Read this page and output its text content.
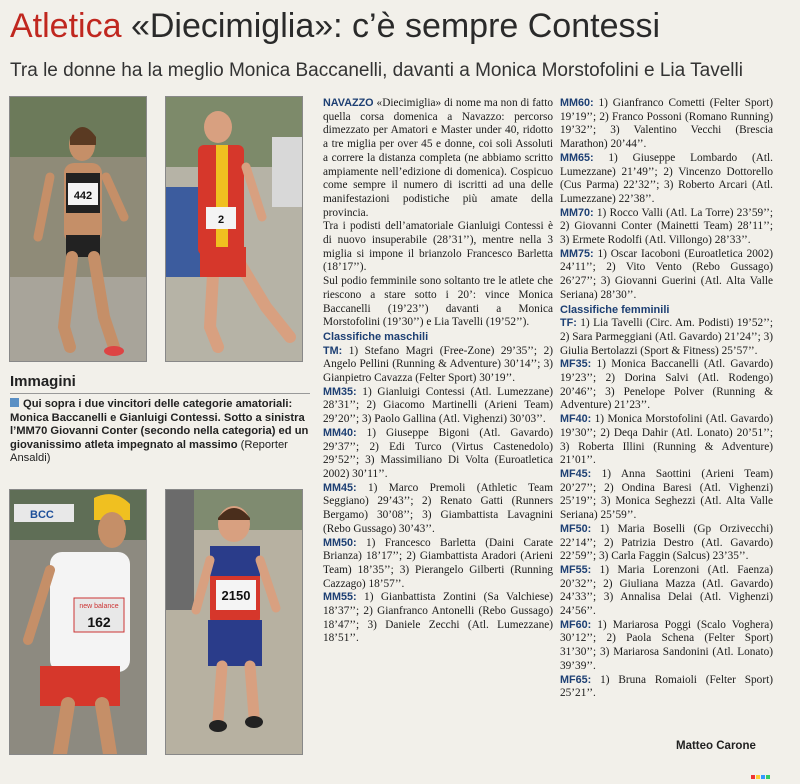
Atletica «Diecimiglia»: c’è sempre Contessi
Tra le donne ha la meglio Monica Baccanelli, davanti a Monica Morstofolini e Lia Tavelli
442
2
Immagini
Qui sopra i due vincitori delle categorie amatoriali: Monica Baccanelli e Gianluigi Contessi. Sotto a sinistra l’MM70 Giovanni Conter (secondo nella categoria) ed un giovanissimo atleta impegnato al massimo (Reporter Ansaldi)
BCC
new balance
162
2150

NAVAZZO «Diecimiglia» di nome ma non di fatto quella corsa domenica a Navazzo: percorso dimezzato per Amatori e Master under 40, ridotto a tre miglia per over 45 e donne, coi soli Assoluti a correre la distanza completa (ne abbiamo scritto ampiamente nell’edizione di domenica). Cospicuo come sempre il numero di iscritti ad una delle manifestazioni podistiche più amate della provincia.

Tra i podisti dell’amatoriale Gianluigi Contessi è di nuovo insuperabile (28’31’’), mentre nella 3 miglia si impone il brianzolo Francesco Barletta (18’17’’).

Sul podio femminile sono soltanto tre le atlete che riescono a stare sotto i 20’: vince Monica Baccanelli (19’23’’) davanti a Monica Morstofolini (19’30’’) e Lia Tavelli (19’52’’).

Classifiche maschili

TM: 1) Stefano Magri (Free-Zone) 29’35’’; 2) Angelo Pellini (Running & Adventure) 30’14’’; 3) Gianpietro Cavazza (Felter Sport) 30’19’’.

MM35: 1) Gianluigi Contessi (Atl. Lumezzane) 28’31’’; 2) Giacomo Martinelli (Arieni Team) 29’20’’; 3) Paolo Gallina (Atl. Vighenzi) 30’03’’.

MM40: 1) Giuseppe Bigoni (Atl. Gavardo) 29’37’’; 2) Edi Turco (Virtus Castenedolo) 29’52’’; 3) Massimiliano Di Volta (Euroatletica 2002) 30’11’’.

MM45: 1) Marco Premoli (Athletic Team Seggiano) 29’43’’; 2) Renato Gatti (Runners Bergamo) 30’08’’; 3) Giambattista Lavagnini (Rebo Gussago) 30’43’’.

MM50: 1) Francesco Barletta (Daini Carate Brianza) 18’17’’; 2) Giambattista Aradori (Arieni Team) 18’35’’; 3) Pierangelo Gilberti (Running Cazzago) 18’57’’.

MM55: 1) Gianbattista Zontini (Sa Valchiese) 18’37’’; 2) Gianfranco Antonelli (Rebo Gussago) 18’47’’; 3) Daniele Zecchi (Atl. Lumezzane) 18’51’’.

MM60: 1) Gianfranco Cometti (Felter Sport) 19’19’’; 2) Franco Possoni (Romano Running) 19’32’’; 3) Valentino Vecchi (Brescia Marathon) 20’44’’.

MM65: 1) Giuseppe Lombardo (Atl. Lumezzane) 21’49’’; 2) Vincenzo Dottorello (Cus Parma) 22’32’’; 3) Roberto Arcari (Atl. Lumezzane) 22’38’’.

MM70: 1) Rocco Valli (Atl. La Torre) 23’59’’; 2) Giovanni Conter (Mainetti Team) 28’11’’; 3) Ermete Rodolfi (Atl. Villongo) 28’33’’.

MM75: 1) Oscar Iacoboni (Euroatletica 2002) 24’11’’; 2) Vito Vento (Rebo Gussago) 26’27’’; 3) Giovanni Guerini (Atl. Alta Valle Seriana) 28’30’’.

Classifiche femminili

TF: 1) Lia Tavelli (Circ. Am. Podisti) 19’52’’; 2) Sara Parmeggiani (Atl. Gavardo) 21’24’’; 3) Giulia Bertolazzi (Sport & Fitness) 25’57’’.

MF35: 1) Monica Baccanelli (Atl. Gavardo) 19’23’’; 2) Dorina Salvi (Atl. Rodengo) 20’46’’; 3) Penelope Polver (Running & Adventure) 21’23’’.

MF40: 1) Monica Morstofolini (Atl. Gavardo) 19’30’’; 2) Deqa Dahir (Atl. Lonato) 20’51’’; 3) Roberta Illini (Running & Adventure) 21’01’’.

MF45: 1) Anna Saottini (Arieni Team) 20’27’’; 2) Ondina Baresi (Atl. Vighenzi) 25’19’’; 3) Monica Seghezzi (Atl. Alta Valle Seriana) 25’59’’.

MF50: 1) Maria Boselli (Gp Orzivecchi) 22’14’’; 2) Patrizia Destro (Atl. Gavardo) 22’59’’; 3) Carla Faggin (Salcus) 23’35’’.

MF55: 1) Maria Lorenzoni (Atl. Faenza) 20’32’’; 2) Giuliana Mazza (Atl. Gavardo) 24’33’’; 3) Annalisa Delai (Atl. Vighenzi) 24’56’’.

MF60: 1) Mariarosa Poggi (Scalo Voghera) 30’12’’; 2) Paola Schena (Felter Sport) 31’30’’; 3) Mariarosa Sandonini (Atl. Lonato) 39’39’’.

MF65: 1) Bruna Romaioli (Felter Sport) 25’21’’.

Matteo Carone
